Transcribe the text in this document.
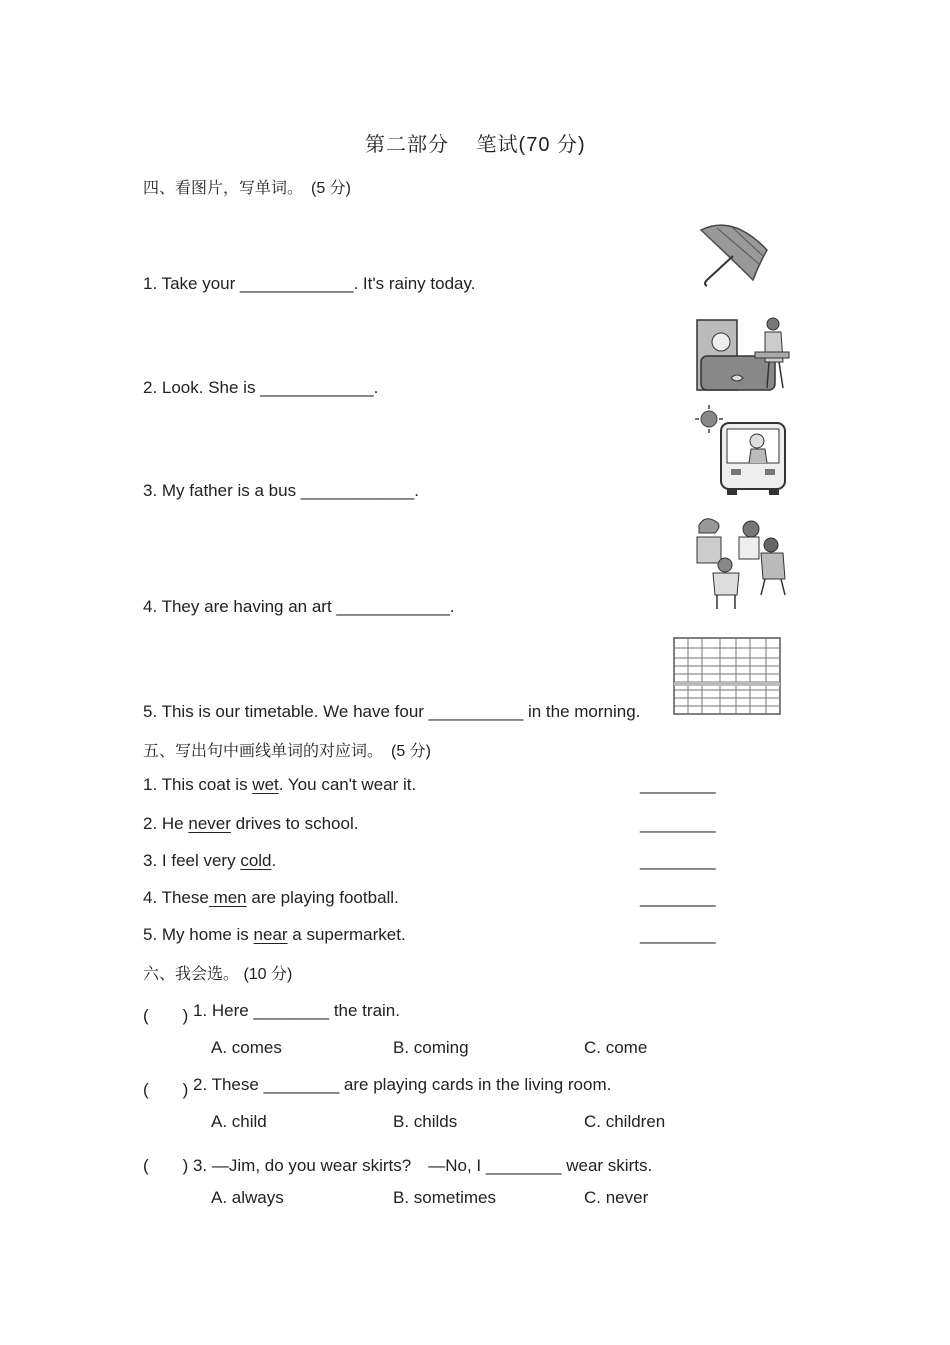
第二部分　 笔试(70 分)
四、看图片，写单词。　(5 分)
1. Take your ____________. It's rainy today.
2. Look. She is ____________.
3. My father is a bus ____________.
4. They are having an art ____________.
5. This is our timetable. We have four __________ in the morning.
五、写出句中画线单词的对应词。　(5 分)
1. This coat is wet. You can't wear it.	________
2. He never drives to school.	________
3. I feel very cold.	________
4. These men are playing football.	________
5. My home is near a supermarket.	________
六、我会选。 (10 分)
(　　) 1. Here ________ the train.
A. comes	B. coming	C. come
(　　) 2. These ________ are playing cards in the living room.
A. child	B. childs	C. children
(　　) 3. —Jim, do you wear skirts?　—No, I ________ wear skirts.
A. always	B. sometimes	C. never
